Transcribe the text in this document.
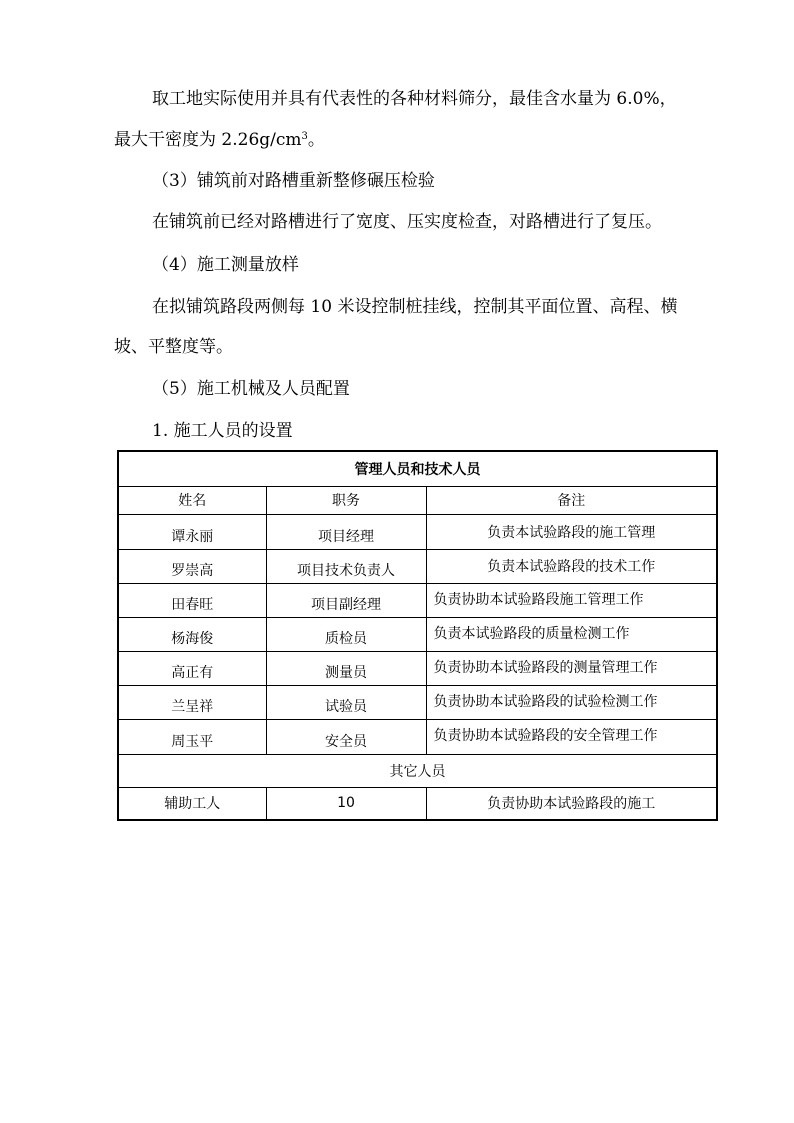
取工地实际使用并具有代表性的各种材料筛分，最佳含水量为 6.0%，
最大干密度为 $2.26g/cm^3$。
（3）铺筑前对路槽重新整修碾压检验
在铺筑前已经对路槽进行了宽度、压实度检查，对路槽进行了复压。
（4）施工测量放样
在拟铺筑路段两侧每 10 米设控制桩挂线，控制其平面位置、高程、横
坡、平整度等。
（5）施工机械及人员配置
1. 施工人员的设置
管理人员和技术人员		
姓名	职务	备注
谭永丽	项目经理	负责本试验路段的施工管理
罗崇高	项目技术负责人	负责本试验路段的技术工作
田春旺	项目副经理	负责协助本试验路段施工管理工作
杨海俊	质检员	负责本试验路段的质量检测工作
高正有	测量员	负责协助本试验路段的测量管理工作
兰呈祥	试验员	负责协助本试验路段的试验检测工作
周玉平	安全员	负责协助本试验路段的安全管理工作
其它人员		
辅助工人	10	负责协助本试验路段的施工
